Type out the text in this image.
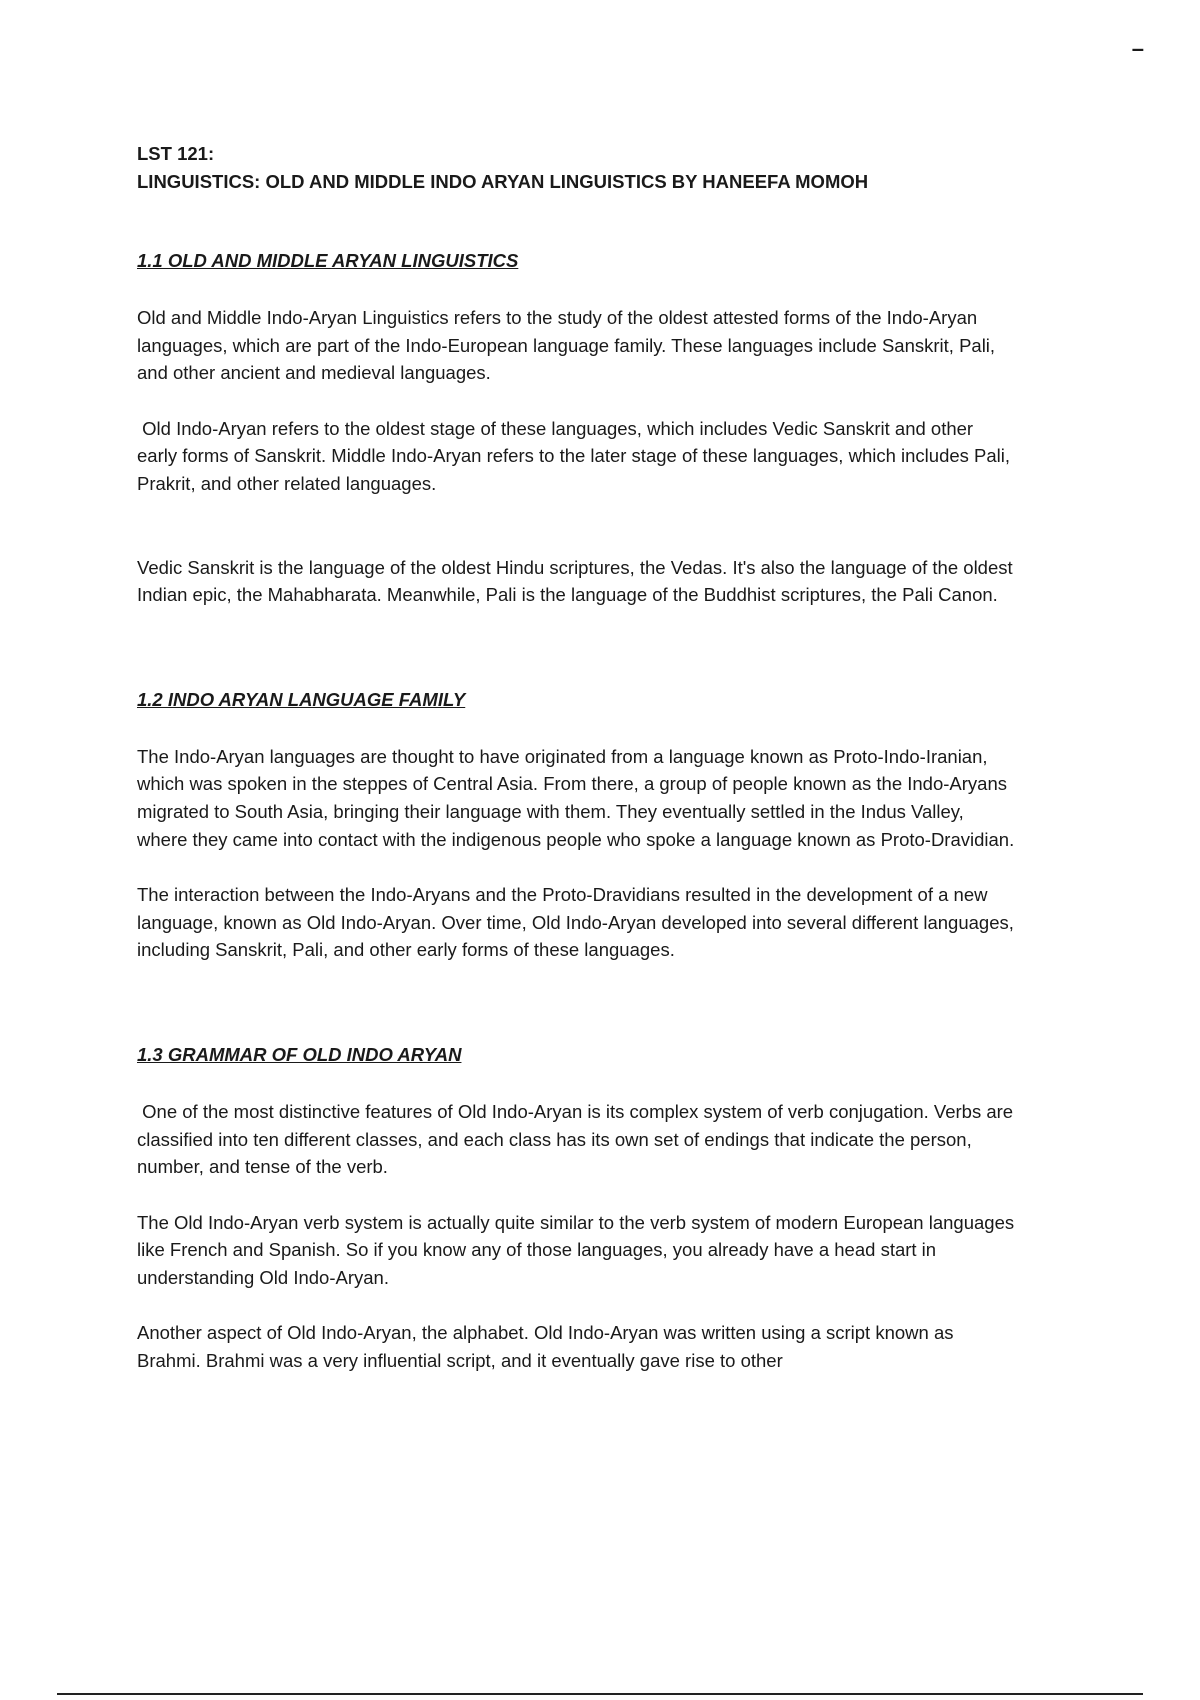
–

LST 121:

LINGUISTICS: OLD AND MIDDLE INDO ARYAN LINGUISTICS BY HANEEFA MOMOH

1.1 OLD AND MIDDLE ARYAN LINGUISTICS

Old and Middle Indo-Aryan Linguistics refers to the study of the oldest attested forms of the Indo-Aryan languages, which are part of the Indo-European language family. These languages include Sanskrit, Pali, and other ancient and medieval languages.

Old Indo-Aryan refers to the oldest stage of these languages, which includes Vedic Sanskrit and other early forms of Sanskrit. Middle Indo-Aryan refers to the later stage of these languages, which includes Pali, Prakrit, and other related languages.

Vedic Sanskrit is the language of the oldest Hindu scriptures, the Vedas. It's also the language of the oldest Indian epic, the Mahabharata. Meanwhile, Pali is the language of the Buddhist scriptures, the Pali Canon.

1.2 INDO ARYAN LANGUAGE FAMILY

The Indo-Aryan languages are thought to have originated from a language known as Proto-Indo-Iranian, which was spoken in the steppes of Central Asia. From there, a group of people known as the Indo-Aryans migrated to South Asia, bringing their language with them. They eventually settled in the Indus Valley, where they came into contact with the indigenous people who spoke a language known as Proto-Dravidian.

The interaction between the Indo-Aryans and the Proto-Dravidians resulted in the development of a new language, known as Old Indo-Aryan. Over time, Old Indo-Aryan developed into several different languages, including Sanskrit, Pali, and other early forms of these languages.

1.3 GRAMMAR OF OLD INDO ARYAN

One of the most distinctive features of Old Indo-Aryan is its complex system of verb conjugation. Verbs are classified into ten different classes, and each class has its own set of endings that indicate the person, number, and tense of the verb.

The Old Indo-Aryan verb system is actually quite similar to the verb system of modern European languages like French and Spanish. So if you know any of those languages, you already have a head start in understanding Old Indo-Aryan.

Another aspect of Old Indo-Aryan, the alphabet. Old Indo-Aryan was written using a script known as Brahmi. Brahmi was a very influential script, and it eventually gave rise to other
